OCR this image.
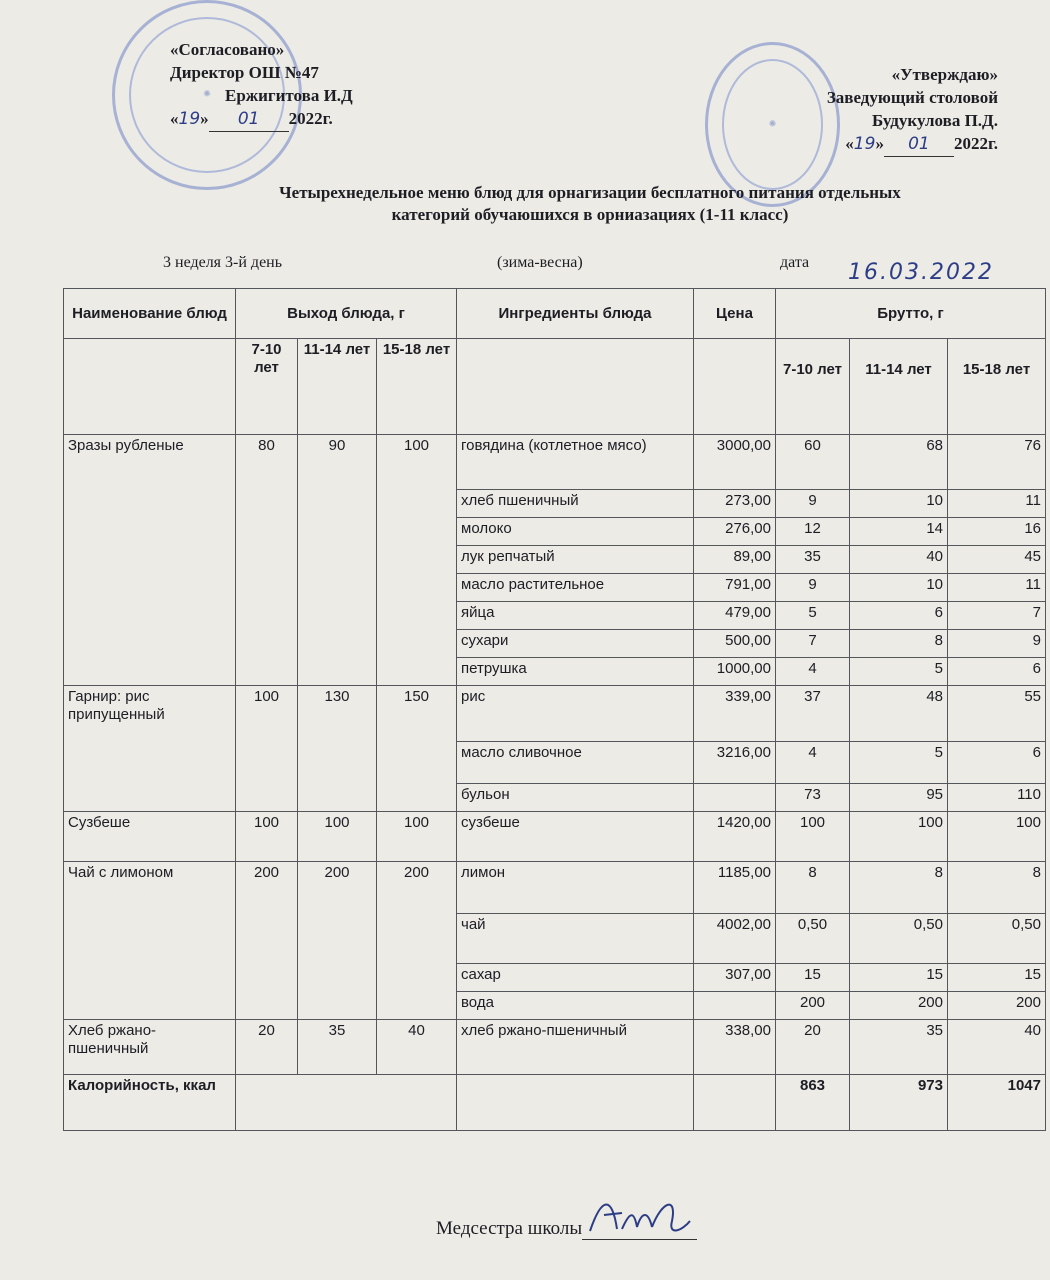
✺
✺
«Согласовано»
Директор ОШ №47
Ержигитова И.Д
«19» 01 2022г.
«Утверждаю»
Заведующий столовой
Будукулова П.Д.
«19» 01 2022г.
Четырехнедельное меню блюд для орнагизации бесплатного питания отдельных
категорий обучаюшихся в орниазациях (1-11 класс)
3 неделя 3-й день	(зима-весна)	дата 16.03.2022
Наименование блюд	Выход блюда, г			Ингредиенты блюда	Цена	Брутто, г		
	7-10 лет	11-14 лет	15-18 лет			7-10 лет	11-14 лет	15-18 лет
Зразы рубленые	80	90	100	говядина (котлетное мясо)	3000,00	60	68	76
				хлеб пшеничный	273,00	9	10	11
				молоко	276,00	12	14	16
				лук репчатый	89,00	35	40	45
				масло растительное	791,00	9	10	11
				яйца	479,00	5	6	7
				сухари	500,00	7	8	9
				петрушка	1000,00	4	5	6
Гарнир: рис припущенный	100	130	150	рис	339,00	37	48	55
				масло сливочное	3216,00	4	5	6
				бульон		73	95	110
Сузбеше	100	100	100	сузбеше	1420,00	100	100	100
Чай с лимоном	200	200	200	лимон	1185,00	8	8	8
				чай	4002,00	0,50	0,50	0,50
				сахар	307,00	15	15	15
				вода		200	200	200
Хлеб ржано-пшеничный	20	35	40	хлеб ржано-пшеничный	338,00	20	35	40
Калорийность, ккал						863	973	1047
Медсестра школы
